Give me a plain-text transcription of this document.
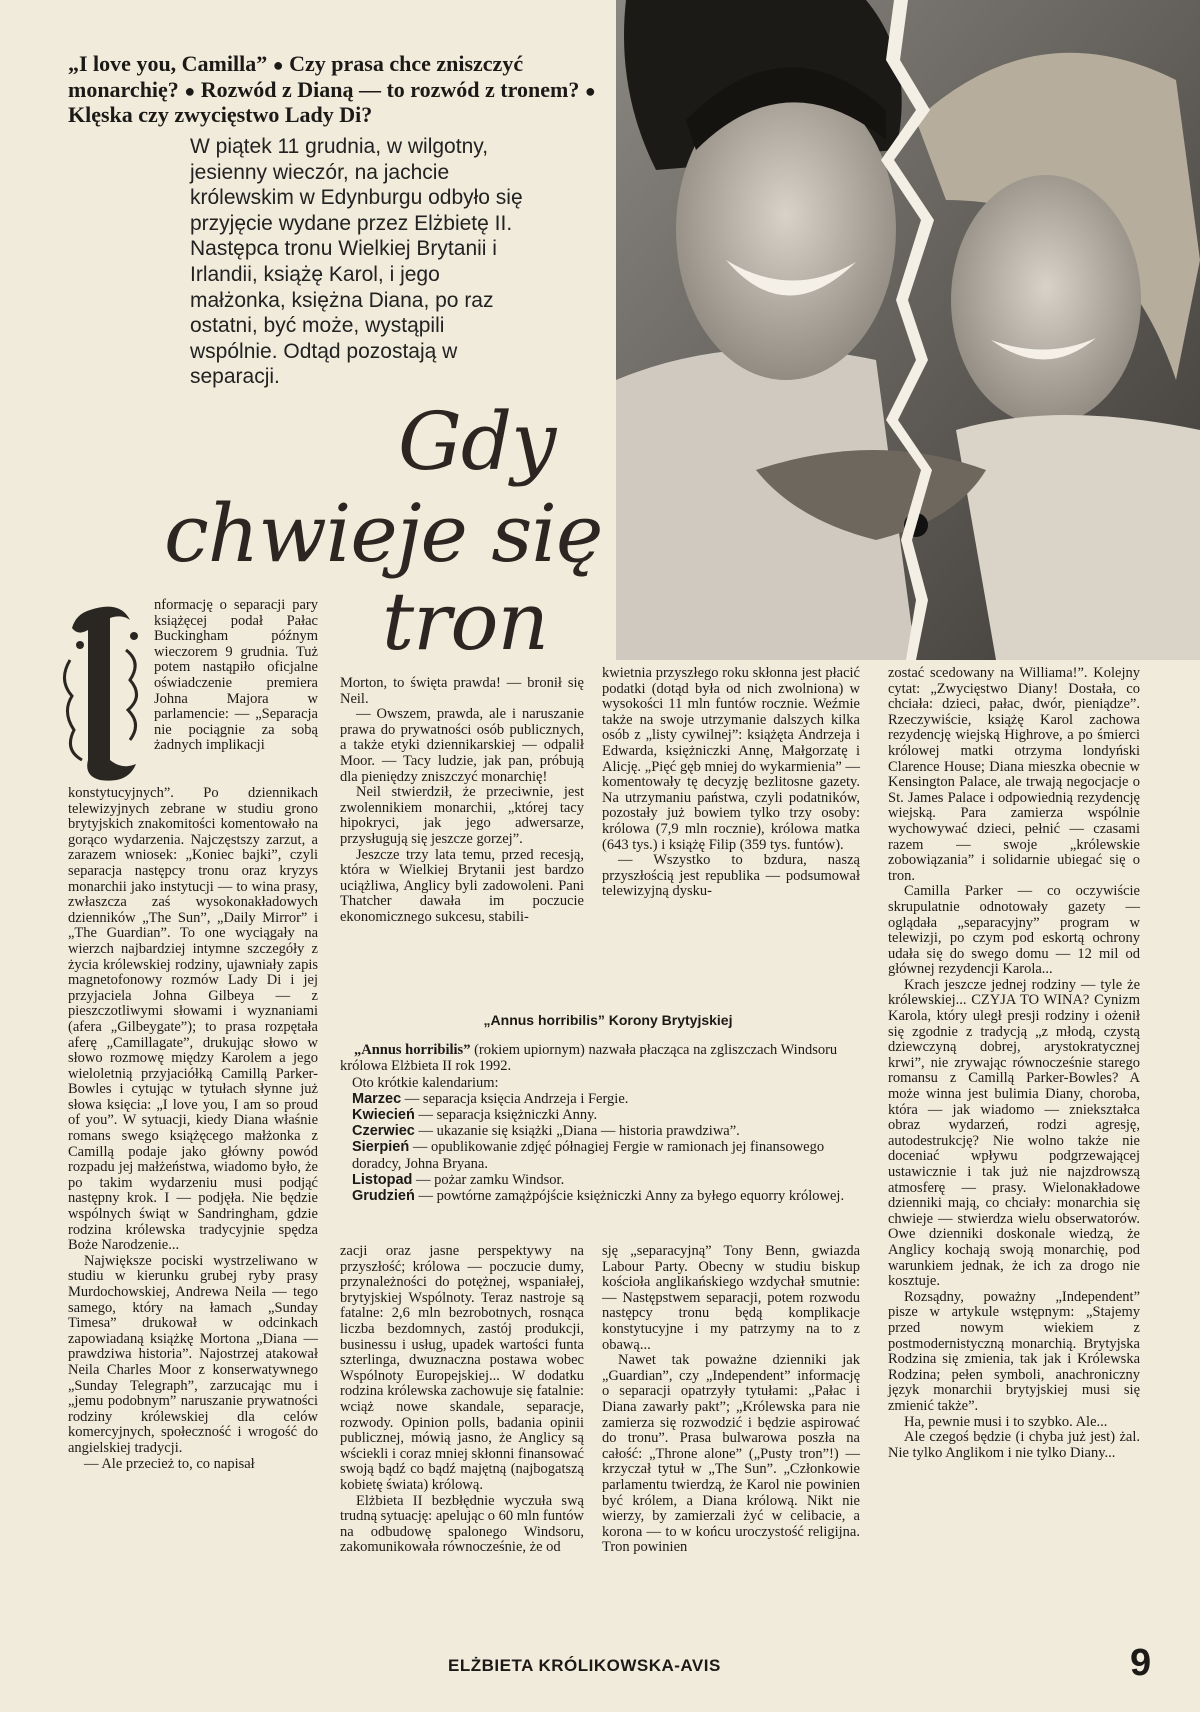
„I love you, Camilla” ● Czy prasa chce zniszczyć monarchię? ● Rozwód z Dianą — to rozwód z tronem? ● Klęska czy zwycięstwo Lady Di?
W piątek 11 grudnia, w wilgotny, jesienny wieczór, na jachcie królewskim w Edynburgu odbyło się przyjęcie wydane przez Elżbietę II. Następca tronu Wielkiej Brytanii i Irlandii, książę Karol, i jego małżonka, księżna Diana, po raz ostatni, być może, wystąpili wspólnie. Odtąd pozostają w separacji.
Gdy
chwieje się
tron

nformację o separacji pary książęcej podał Pałac Buckingham późnym wieczorem 9 grudnia. Tuż potem nastąpiło oficjalne oświadczenie premiera Johna Majora w parlamencie: — „Separacja nie pociągnie za sobą żadnych implikacji

konstytucyjnych”. Po dziennikach telewizyjnych zebrane w studiu grono brytyjskich znakomitości komentowało na gorąco wydarzenia. Najczęstszy zarzut, a zarazem wniosek: „Koniec bajki”, czyli separacja następcy tronu oraz kryzys monarchii jako instytucji — to wina prasy, zwłaszcza zaś wysokonakładowych dzienników „The Sun”, „Daily Mirror” i „The Guardian”. To one wyciągały na wierzch najbardziej intymne szczegóły z życia królewskiej rodziny, ujawniały zapis magnetofonowy rozmów Lady Di i jej przyjaciela Johna Gilbeya — z pieszczotliwymi słowami i wyznaniami (afera „Gilbeygate”); to prasa rozpętała aferę „Camillagate”, drukując słowo w słowo rozmowę między Karolem a jego wieloletnią przyjaciółką Camillą Parker-Bowles i cytując w tytułach słynne już słowa księcia: „I love you, I am so proud of you”. W sytuacji, kiedy Diana właśnie romans swego książęcego małżonka z Camillą podaje jako główny powód rozpadu jej małżeństwa, wiadomo było, że po takim wydarzeniu musi podjąć następny krok. I — podjęła. Nie będzie wspólnych świąt w Sandringham, gdzie rodzina królewska tradycyjnie spędza Boże Narodzenie...

Największe pociski wystrzeliwano w studiu w kierunku grubej ryby prasy Murdochowskiej, Andrewa Neila — tego samego, który na łamach „Sunday Timesa” drukował w odcinkach zapowiadaną książkę Mortona „Diana — prawdziwa historia”. Najostrzej atakował Neila Charles Moor z konserwatywnego „Sunday Telegraph”, zarzucając mu i „jemu podobnym” naruszanie prywatności rodziny królewskiej dla celów komercyjnych, społeczność i wrogość do angielskiej tradycji.

— Ale przecież to, co napisał

Morton, to święta prawda! — bronił się Neil.

— Owszem, prawda, ale i naruszanie prawa do prywatności osób publicznych, a także etyki dziennikarskiej — odpalił Moor. — Tacy ludzie, jak pan, próbują dla pieniędzy zniszczyć monarchię!

Neil stwierdził, że przeciwnie, jest zwolennikiem monarchii, „której tacy hipokryci, jak jego adwersarze, przysługują się jeszcze gorzej”.

Jeszcze trzy lata temu, przed recesją, która w Wielkiej Brytanii jest bardzo uciążliwa, Anglicy byli zadowoleni. Pani Thatcher dawała im poczucie ekonomicznego sukcesu, stabili-

kwietnia przyszłego roku skłonna jest płacić podatki (dotąd była od nich zwolniona) w wysokości 11 mln funtów rocznie. Weźmie także na swoje utrzymanie dalszych kilka osób z „listy cywilnej”: książęta Andrzeja i Edwarda, księżniczki Annę, Małgorzatę i Alicję. „Pięć gęb mniej do wykarmienia” — komentowały tę decyzję bezlitosne gazety. Na utrzymaniu państwa, czyli podatników, pozostały już bowiem tylko trzy osoby: królowa (7,9 mln rocznie), królowa matka (643 tys.) i książę Filip (359 tys. funtów).

— Wszystko to bzdura, naszą przyszłością jest republika — podsumował telewizyjną dysku-

zostać scedowany na Williama!”. Kolejny cytat: „Zwycięstwo Diany! Dostała, co chciała: dzieci, pałac, dwór, pieniądze”. Rzeczywiście, książę Karol zachowa rezydencję wiejską Highrove, a po śmierci królowej matki otrzyma londyński Clarence House; Diana mieszka obecnie w Kensington Palace, ale trwają negocjacje o St. James Palace i odpowiednią rezydencję wiejską. Para zamierza wspólnie wychowywać dzieci, pełnić — czasami razem — swoje „królewskie zobowiązania” i solidarnie ubiegać się o tron.

Camilla Parker — co oczywiście skrupulatnie odnotowały gazety — oglądała „separacyjny” program w telewizji, po czym pod eskortą ochrony udała się do swego domu — 12 mil od głównej rezydencji Karola...

Krach jeszcze jednej rodziny — tyle że królewskiej... CZYJA TO WINA? Cynizm Karola, który uległ presji rodziny i ożenił się zgodnie z tradycją „z młodą, czystą dziewczyną dobrej, arystokratycznej krwi”, nie zrywając równocześnie starego romansu z Camillą Parker-Bowles? A może winna jest bulimia Diany, choroba, która — jak wiadomo — zniekształca obraz wydarzeń, rodzi agresję, autodestrukcję? Nie wolno także nie doceniać wpływu podgrzewającej ustawicznie i tak już nie najzdrowszą atmosferę — prasy. Wielonakładowe dzienniki mają, co chciały: monarchia się chwieje — stwierdza wielu obserwatorów. Owe dzienniki doskonale wiedzą, że Anglicy kochają swoją monarchię, pod warunkiem jednak, że ich za drogo nie kosztuje.

Rozsądny, poważny „Independent” pisze w artykule wstępnym: „Stajemy przed nowym wiekiem z postmodernistyczną monarchią. Brytyjska Rodzina się zmienia, tak jak i Królewska Rodzina; pełen symboli, anachroniczny język monarchii brytyjskiej musi się zmienić także”.

Ha, pewnie musi i to szybko. Ale...

Ale czegoś będzie (i chyba już jest) żal. Nie tylko Anglikom i nie tylko Diany...

„Annus horribilis” Korony Brytyjskiej

„Annus horribilis” (rokiem upiornym) nazwała płacząca na zgliszczach Windsoru królowa Elżbieta II rok 1992.

Oto krótkie kalendarium:

Marzec — separacja księcia Andrzeja i Fergie.

Kwiecień — separacja księżniczki Anny.

Czerwiec — ukazanie się książki „Diana — historia prawdziwa”.

Sierpień — opublikowanie zdjęć półnagiej Fergie w ramionach jej finansowego doradcy, Johna Bryana.

Listopad — pożar zamku Windsor.

Grudzień — powtórne zamążpójście księżniczki Anny za byłego equorry królowej.

zacji oraz jasne perspektywy na przyszłość; królowa — poczucie dumy, przynależności do potężnej, wspaniałej, brytyjskiej Wspólnoty. Teraz nastroje są fatalne: 2,6 mln bezrobotnych, rosnąca liczba bezdomnych, zastój produkcji, businessu i usług, upadek wartości funta szterlinga, dwuznaczna postawa wobec Wspólnoty Europejskiej... W dodatku rodzina królewska zachowuje się fatalnie: wciąż nowe skandale, separacje, rozwody. Opinion polls, badania opinii publicznej, mówią jasno, że Anglicy są wściekli i coraz mniej skłonni finansować swoją bądź co bądź majętną (najbogatszą kobietę świata) królową.

Elżbieta II bezbłędnie wyczuła swą trudną sytuację: apelując o 60 mln funtów na odbudowę spalonego Windsoru, zakomunikowała równocześnie, że od

sję „separacyjną” Tony Benn, gwiazda Labour Party. Obecny w studiu biskup kościoła anglikańskiego wzdychał smutnie: — Następstwem separacji, potem rozwodu następcy tronu będą komplikacje konstytucyjne i my patrzymy na to z obawą...

Nawet tak poważne dzienniki jak „Guardian”, czy „Independent” informację o separacji opatrzyły tytułami: „Pałac i Diana zawarły pakt”; „Królewska para nie zamierza się rozwodzić i będzie aspirować do tronu”. Prasa bulwarowa poszła na całość: „Throne alone” („Pusty tron”!) — krzyczał tytuł w „The Sun”. „Członkowie parlamentu twierdzą, że Karol nie powinien być królem, a Diana królową. Nikt nie wierzy, by zamierzali żyć w celibacie, a korona — to w końcu uroczystość religijna. Tron powinien

ELŻBIETA KRÓLIKOWSKA-AVIS	9
